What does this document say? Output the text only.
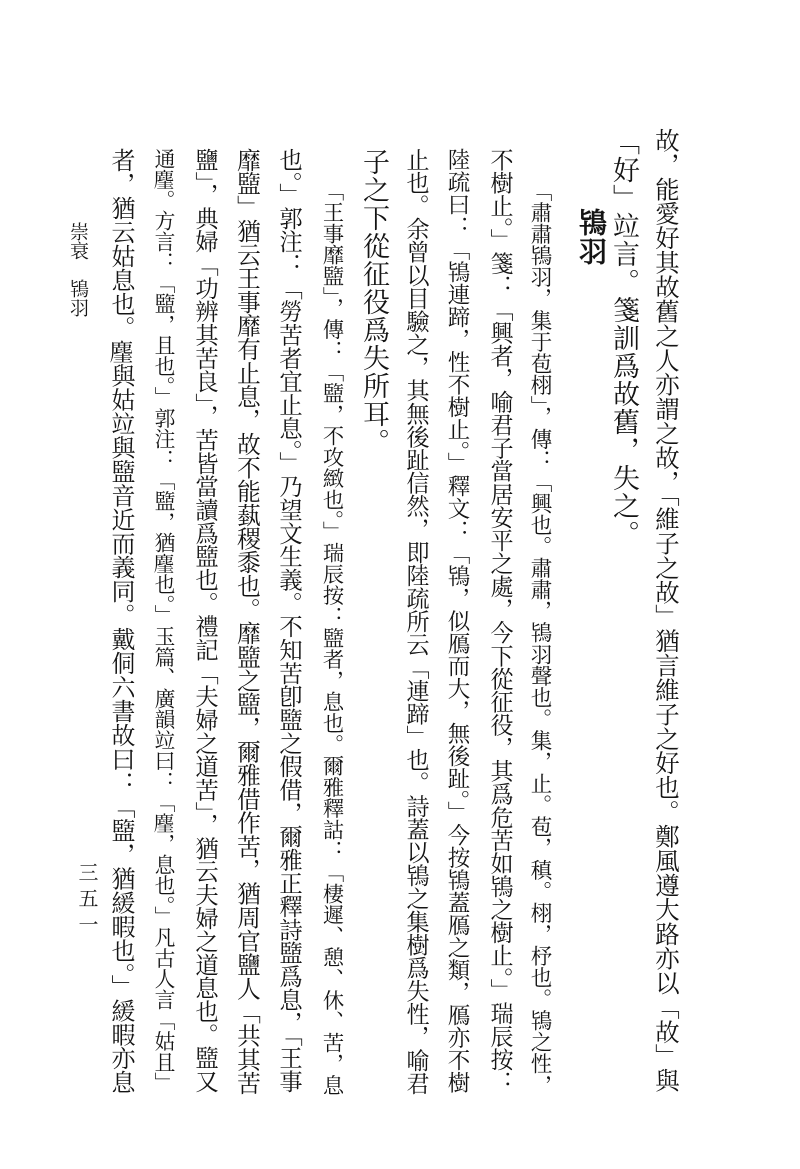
故，能愛好其故舊之人亦謂之故，「維子之故」猶言維子之好也。鄭風遵大路亦以「故」與
「好」竝言。箋訓爲故舊，失之。
鴇羽
「肅肅鴇羽，集于苞栩」，傳：「興也。肅肅，鴇羽聲也。集，止。苞，稹。栩，杼也。鴇之性，
不樹止。」箋：「興者，喻君子當居安平之處，今下從征役，其爲危苦如鴇之樹止。」瑞辰按：
陸疏曰：「鴇連蹄，性不樹止。」釋文：「鴇，似鴈而大，無後趾。」今按鴇蓋鴈之類，鴈亦不樹
止也。余曾以目驗之，其無後趾信然，即陸疏所云「連蹄」也。詩蓋以鴇之集樹爲失性，喻君
子之下從征役爲失所耳。
「王事靡盬」，傳：「盬，不攻緻也。」瑞辰按：盬者，息也。爾雅釋詁：「棲遲、憩、休、苦，息
也。」郭注：「勞苦者宜止息。」乃望文生義。不知苦卽盬之假借，爾雅正釋詩盬爲息，「王事
靡盬」猶云王事靡有止息，故不能蓺稷黍也。靡盬之盬，爾雅借作苦，猶周官鹽人「共其苦
鹽」，典婦「功辨其苦良」，苦皆當讀爲盬也。禮記「夫婦之道苦」，猶云夫婦之道息也。盬又
通𪊧。方言：「盬，且也。」郭注：「盬，猶𪊧也。」玉篇、廣韻竝曰：「𪊧，息也。」凡古人言「姑且」
者，猶云姑息也。𪊧與姑竝與盬音近而義同。戴侗六書故曰：「盬，猶緩暇也。」緩暇亦息
崇衰　鴇羽
三五一
